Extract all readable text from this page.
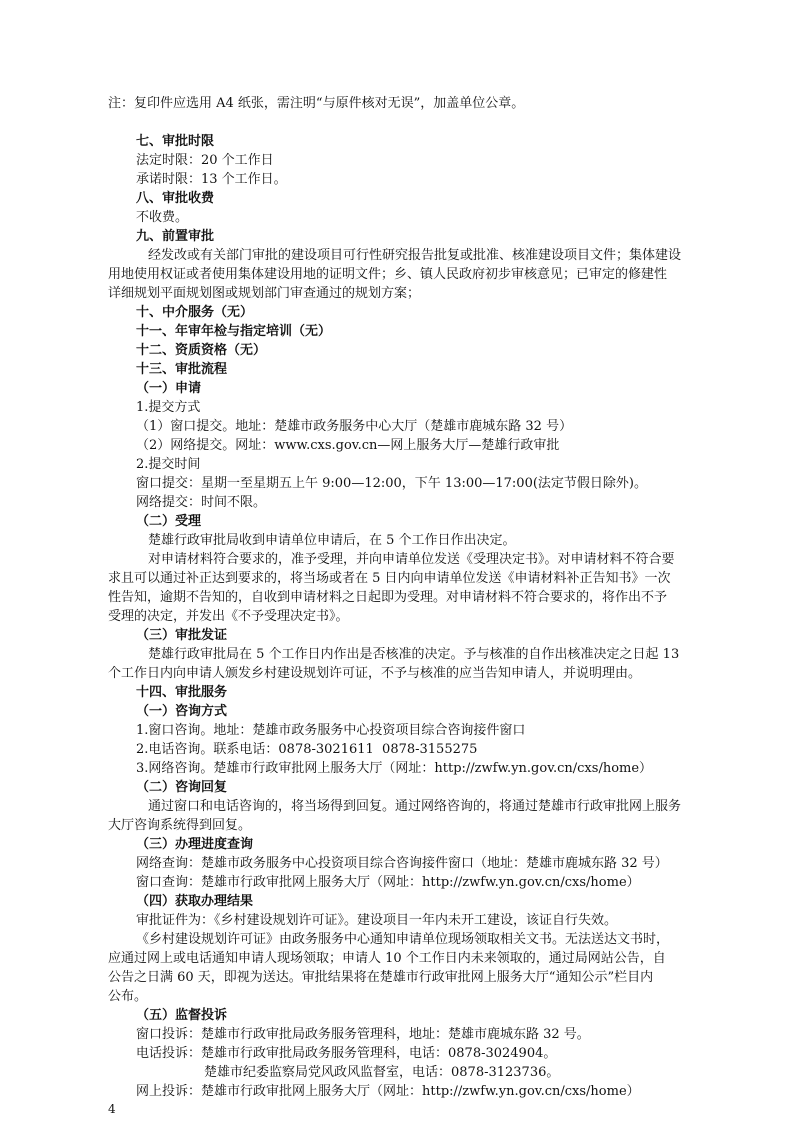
注：复印件应选用 A4 纸张，需注明“与原件核对无误”，加盖单位公章。
七、审批时限
法定时限：20 个工作日
承诺时限：13 个工作日。
八、审批收费
不收费。
九、前置审批
经发改或有关部门审批的建设项目可行性研究报告批复或批准、核准建设项目文件；集体建设
用地使用权证或者使用集体建设用地的证明文件；乡、镇人民政府初步审核意见；已审定的修建性
详细规划平面规划图或规划部门审查通过的规划方案；
十、中介服务（无）
十一、年审年检与指定培训（无）
十二、资质资格（无）
十三、审批流程
（一）申请
1.提交方式
（1）窗口提交。地址：楚雄市政务服务中心大厅（楚雄市鹿城东路 32 号）
（2）网络提交。网址：www.cxs.gov.cn—网上服务大厅—楚雄行政审批
2.提交时间
窗口提交：星期一至星期五上午 9:00—12:00，下午 13:00—17:00(法定节假日除外)。
网络提交：时间不限。
（二）受理
楚雄行政审批局收到申请单位申请后，在 5 个工作日作出决定。
对申请材料符合要求的，准予受理，并向申请单位发送《受理决定书》。对申请材料不符合要
求且可以通过补正达到要求的，将当场或者在 5 日内向申请单位发送《申请材料补正告知书》一次
性告知，逾期不告知的，自收到申请材料之日起即为受理。对申请材料不符合要求的，将作出不予
受理的决定，并发出《不予受理决定书》。
（三）审批发证
楚雄行政审批局在 5 个工作日内作出是否核准的决定。予与核准的自作出核准决定之日起 13
个工作日内向申请人颁发乡村建设规划许可证，不予与核准的应当告知申请人，并说明理由。
十四、审批服务
（一）咨询方式
1.窗口咨询。地址：楚雄市政务服务中心投资项目综合咨询接件窗口
2.电话咨询。联系电话：0878-3021611  0878-3155275
3.网络咨询。楚雄市行政审批网上服务大厅（网址：http://zwfw.yn.gov.cn/cxs/home）
（二）咨询回复
通过窗口和电话咨询的，将当场得到回复。通过网络咨询的，将通过楚雄市行政审批网上服务
大厅咨询系统得到回复。
（三）办理进度查询
网络查询：楚雄市政务服务中心投资项目综合咨询接件窗口（地址：楚雄市鹿城东路 32 号）
窗口查询：楚雄市行政审批网上服务大厅（网址：http://zwfw.yn.gov.cn/cxs/home）
（四）获取办理结果
审批证件为：《乡村建设规划许可证》。建设项目一年内未开工建设，该证自行失效。
《乡村建设规划许可证》由政务服务中心通知申请单位现场领取相关文书。无法送达文书时，
应通过网上或电话通知申请人现场领取；申请人 10 个工作日内未来领取的，通过局网站公告，自
公告之日满 60 天，即视为送达。审批结果将在楚雄市行政审批网上服务大厅“通知公示”栏目内
公布。
（五）监督投诉
窗口投诉：楚雄市行政审批局政务服务管理科，地址：楚雄市鹿城东路 32 号。
电话投诉：楚雄市行政审批局政务服务管理科，电话：0878-3024904。
楚雄市纪委监察局党风政风监督室，电话：0878-3123736。
网上投诉：楚雄市行政审批网上服务大厅（网址：http://zwfw.yn.gov.cn/cxs/home）
4
